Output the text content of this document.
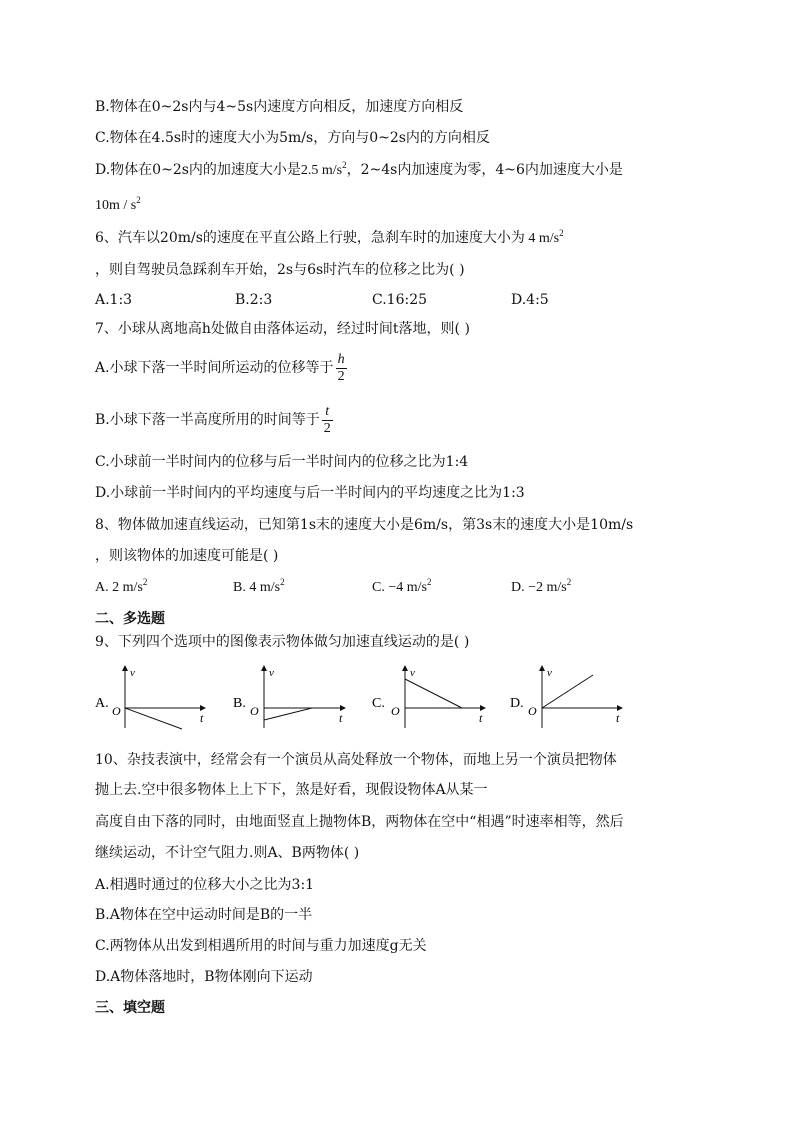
B.物体在0~2s内与4~5s内速度方向相反，加速度方向相反
C.物体在4.5s时的速度大小为5m/s，方向与0~2s内的方向相反
D.物体在0~2s内的加速度大小是2.5 $m/s^2$，2~4s内加速度为零，4~6内加速度大小是
$10m / s^2$
6、汽车以20m/s的速度在平直公路上行驶，急刹车时的加速度大小为 4 $m/s^2$
，则自驾驶员急踩刹车开始，2s与6s时汽车的位移之比为( )
A.1:3	B.2:3	C.16:25	D.4:5
7、小球从离地高h处做自由落体运动，经过时间t落地，则( )
A.小球下落一半时间所运动的位移等于 $\frac{h}{2}$
B.小球下落一半高度所用的时间等于 $\frac{t}{2}$
C.小球前一半时间内的位移与后一半时间内的位移之比为1:4
D.小球前一半时间内的平均速度与后一半时间内的平均速度之比为1:3
8、物体做加速直线运动，已知第1s末的速度大小是6m/s，第3s末的速度大小是10m/s
，则该物体的加速度可能是( )
A. 2 $m/s^2$	B. 4 $m/s^2$	C. −4 $m/s^2$	D. −2 $m/s^2$
二、多选题
9、下列四个选项中的图像表示物体做匀加速直线运动的是( )
A.
v
O	t
B.
v
O	t
C.
v
O	t
D.
v
O	t
10、杂技表演中，经常会有一个演员从高处释放一个物体，而地上另一个演员把物体
抛上去.空中很多物体上上下下，煞是好看，现假设物体A从某一
高度自由下落的同时，由地面竖直上抛物体B，两物体在空中“相遇”时速率相等，然后
继续运动，不计空气阻力.则A、B两物体( )
A.相遇时通过的位移大小之比为3:1
B.A物体在空中运动时间是B的一半
C.两物体从出发到相遇所用的时间与重力加速度g无关
D.A物体落地时，B物体刚向下运动
三、填空题
